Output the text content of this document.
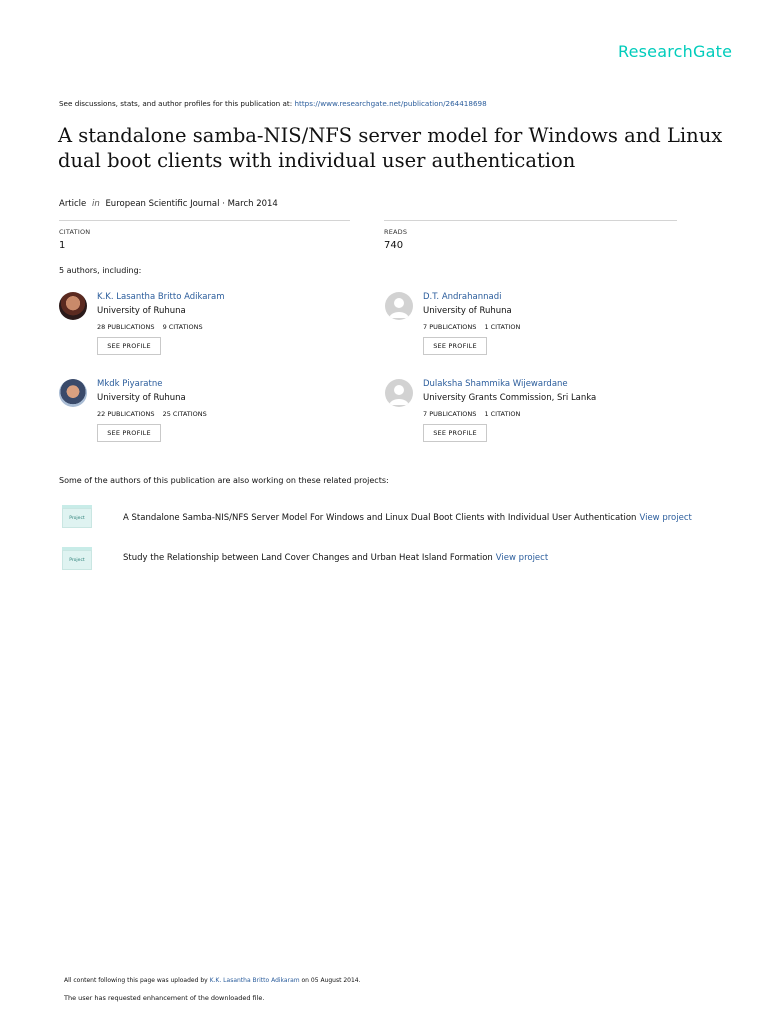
ResearchGate
See discussions, stats, and author profiles for this publication at: https://www.researchgate.net/publication/264418698
A standalone samba-NIS/NFS server model for Windows and Linux
dual boot clients with individual user authentication
Article in European Scientific Journal · March 2014
CITATION
1
READS
740
5 authors, including:
K.K. Lasantha Britto Adikaram
University of Ruhuna
28 PUBLICATIONS 9 CITATIONS
SEE PROFILE
D.T. Andrahannadi
University of Ruhuna
7 PUBLICATIONS 1 CITATION
SEE PROFILE
Mkdk Piyaratne
University of Ruhuna
22 PUBLICATIONS 25 CITATIONS
SEE PROFILE
Dulaksha Shammika Wijewardane
University Grants Commission, Sri Lanka
7 PUBLICATIONS 1 CITATION
SEE PROFILE
Some of the authors of this publication are also working on these related projects:
Project	A Standalone Samba-NIS/NFS Server Model For Windows and Linux Dual Boot Clients with Individual User Authentication View project
Project	Study the Relationship between Land Cover Changes and Urban Heat Island Formation View project
All content following this page was uploaded by K.K. Lasantha Britto Adikaram on 05 August 2014.
The user has requested enhancement of the downloaded file.
